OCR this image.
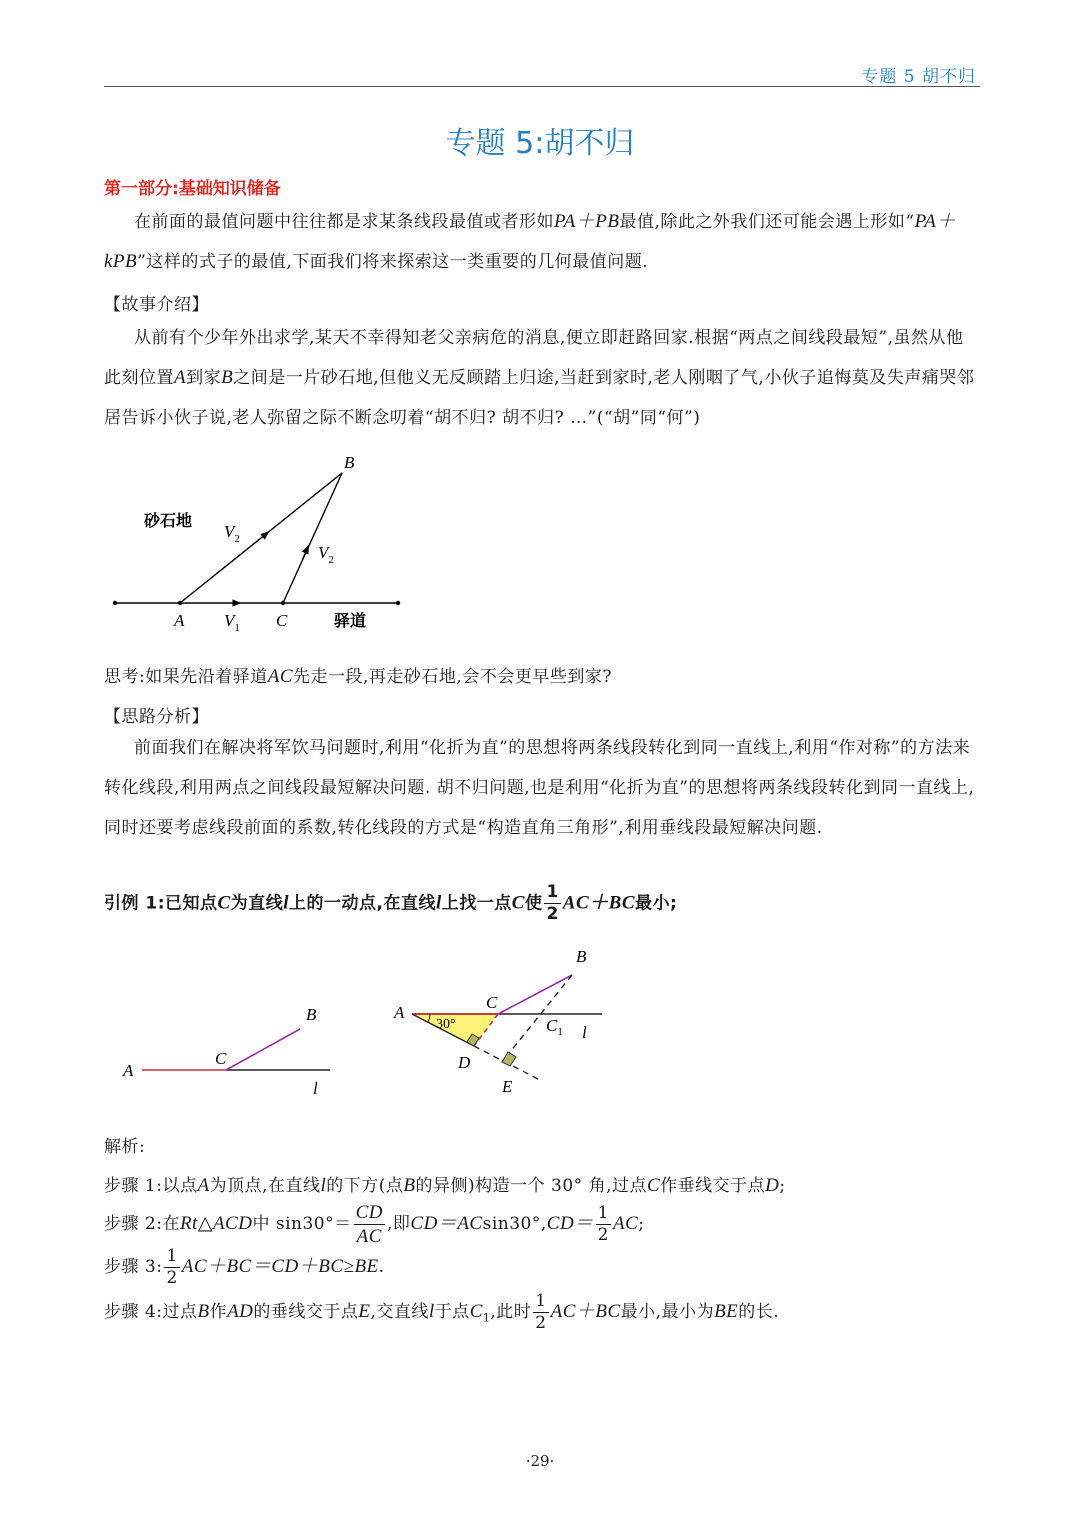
专题 5 胡不归
专题 5:胡不归
第一部分:基础知识储备
在前面的最值问题中往往都是求某条线段最值或者形如PA＋PB最值,除此之外我们还可能会遇上形如“PA＋kPB”这样的式子的最值,下面我们将来探索这一类重要的几何最值问题.
【故事介绍】
从前有个少年外出求学,某天不幸得知老父亲病危的消息,便立即赶路回家.根据“两点之间线段最短”,虽然从他此刻位置A到家B之间是一片砂石地,但他义无反顾踏上归途,当赶到家时,老人刚咽了气,小伙子追悔莫及失声痛哭邻居告诉小伙子说,老人弥留之际不断念叨着“胡不归? 胡不归? …”(“胡”同“何”)
砂石地
驿道
B
A	C
$V_2$
$V_2$
$V_1$
思考:如果先沿着驿道AC先走一段,再走砂石地,会不会更早些到家?
【思路分析】
前面我们在解决将军饮马问题时,利用“化折为直”的思想将两条线段转化到同一直线上,利用“作对称”的方法来转化线段,利用两点之间线段最短解决问题. 胡不归问题,也是利用“化折为直”的思想将两条线段转化到同一直线上,同时还要考虑线段前面的系数,转化线段的方式是“构造直角三角形”,利用垂线段最短解决问题.
引例 1:已知点C为直线l上的一动点,在直线l上找一点C使 $\frac{1}{2} AC+BC$最小;
A
B
C
l
A
B
C
$C_1$
D
E
l
30°
解析:
步骤 1:以点A为顶点,在直线l的下方(点B的异侧)构造一个 30° 角,过点C作垂线交于点D;
步骤 2:在Rt△ACD中 $\sin 30^\circ= \frac{CD}{AC}$ ,即$CD=ACsin30^\circ,CD= \frac{1}{2}$ AC;
步骤 3: $\frac{1}{2} AC+BC=CD+BC\ge BE$.
步骤 4:过点B作AD的垂线交于点E,交直线l于点$C_1$,此时 $\frac{1}{2} AC+BC$最小,最小为BE的长.
·29·
